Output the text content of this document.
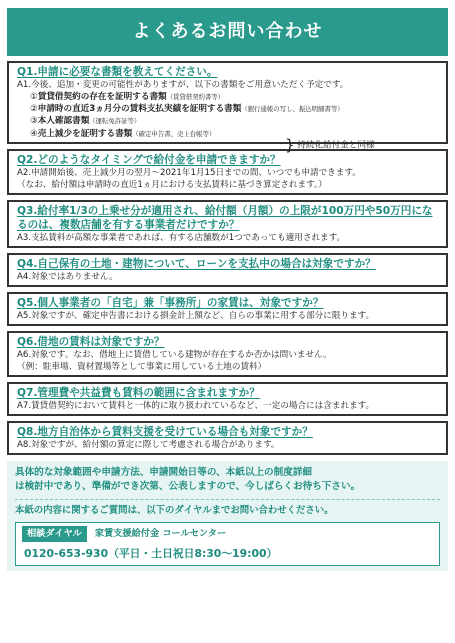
よくあるお問い合わせ
Q1.申請に必要な書類を教えてください。
A1.今後、追加・変更の可能性がありますが、以下の書類をご用意いただく予定です。
①賃貸借契約の存在を証明する書類（賃貸借契約書等）
②申請時の直近3ヵ月分の賃料支払実績を証明する書類（銀行通帳の写し、振込明細書等）
③本人確認書類（運転免許証等）
④売上減少を証明する書類（確定申告書、売上台帳等）
} 持続化給付金と同様
Q2.どのようなタイミングで給付金を申請できますか？
A2.申請開始後、売上減少月の翌月～2021年1月15日までの間、いつでも申請できます。
（なお、給付額は申請時の直近1ヵ月における支払賃料に基づき算定されます。）
Q3.給付率1/3の上乗せ分が適用され、給付額（月額）の上限が100万円や50万円になるのは、複数店舗を有する事業者だけですか？
A3.支払賃料が高額な事業者であれば、有する店舗数が1つであっても適用されます。
Q4.自己保有の土地・建物について、ローンを支払中の場合は対象ですか？
A4.対象ではありません。
Q5.個人事業者の「自宅」兼「事務所」の家賃は、対象ですか？
A5.対象ですが、確定申告書における損金計上額など、自らの事業に用する部分に限ります。
Q6.借地の賃料は対象ですか？
A6.対象です。なお、借地上に賃借している建物が存在するか否かは問いません。
（例：駐車場、資材置場等として事業に用している土地の賃料）
Q7.管理費や共益費も賃料の範囲に含まれますか？
A7.賃貸借契約において賃料と一体的に取り扱われているなど、一定の場合には含まれます。
Q8.地方自治体から賃料支援を受けている場合も対象ですか？
A8.対象ですが、給付額の算定に際して考慮される場合があります。
具体的な対象範囲や申請方法、申請開始日等の、本紙以上の制度詳細
は検討中であり、準備ができ次第、公表しますので、今しばらくお待ち下さい。
本紙の内容に関するご質問は、以下のダイヤルまでお問い合わせください。
相談ダイヤル	家賃支援給付金 コールセンター
0120-653-930（平日・土日祝日8:30～19:00）
